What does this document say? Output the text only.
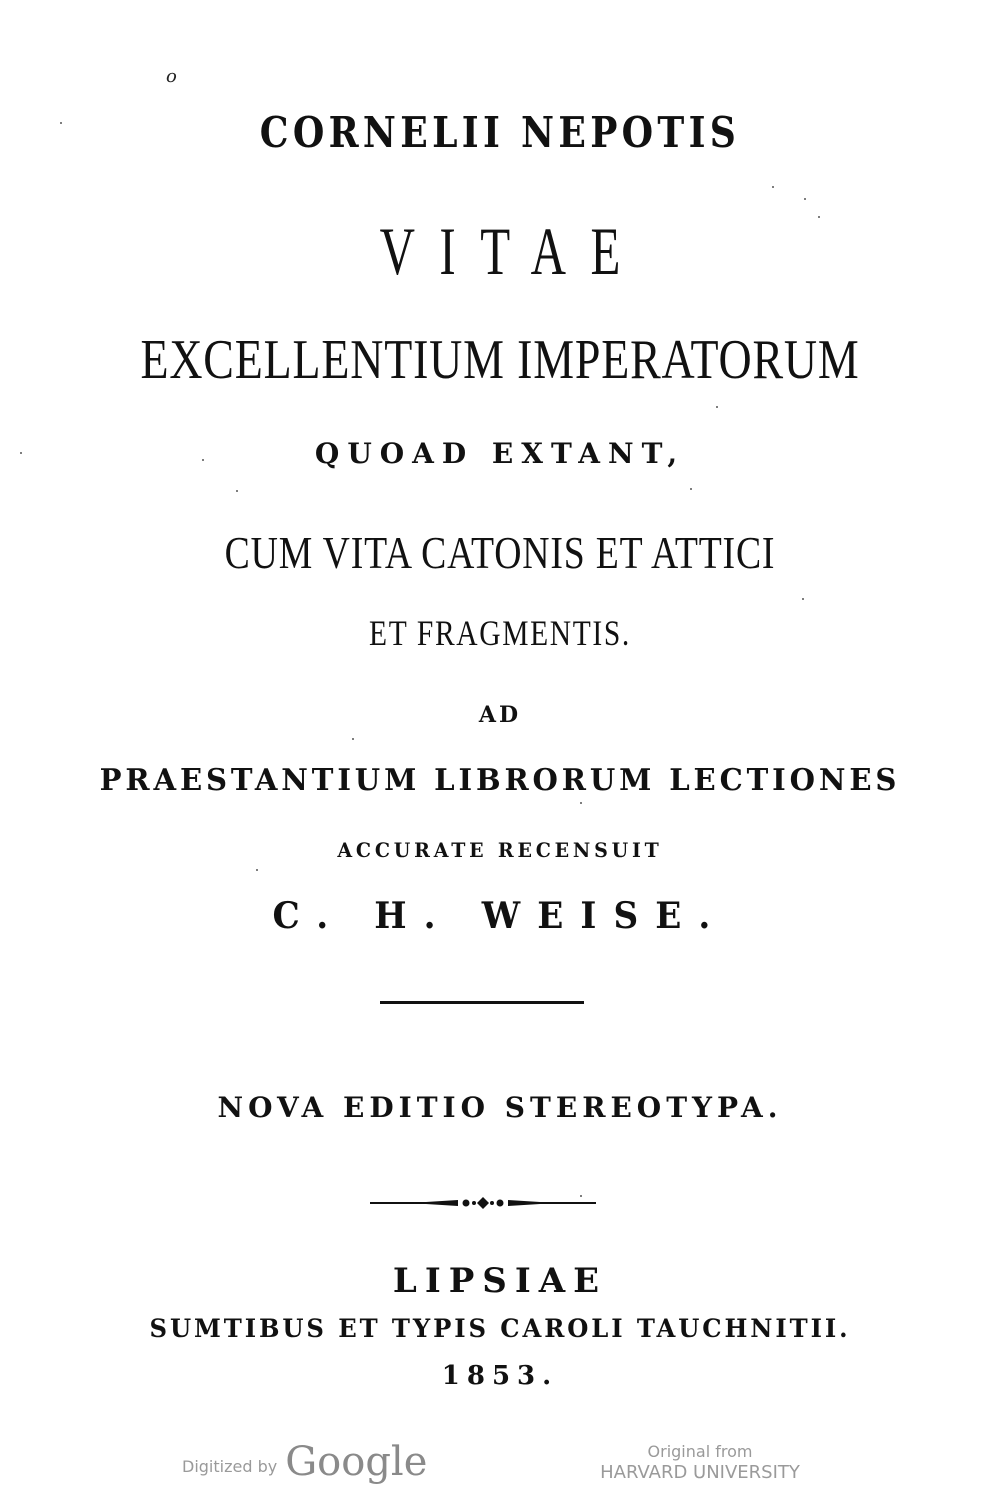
o
CORNELII NEPOTIS
VITAE
EXCELLENTIUM IMPERATORUM
QUOAD EXTANT,
CUM VITA CATONIS ET ATTICI
ET FRAGMENTIS.
AD
PRAESTANTIUM LIBRORUM LECTIONES
ACCURATE RECENSUIT
C. H. WEISE.
NOVA EDITIO STEREOTYPA.
LIPSIAE
SUMTIBUS ET TYPIS CAROLI TAUCHNITII.
1853.
Digitized by Google	Original from
HARVARD UNIVERSITY
